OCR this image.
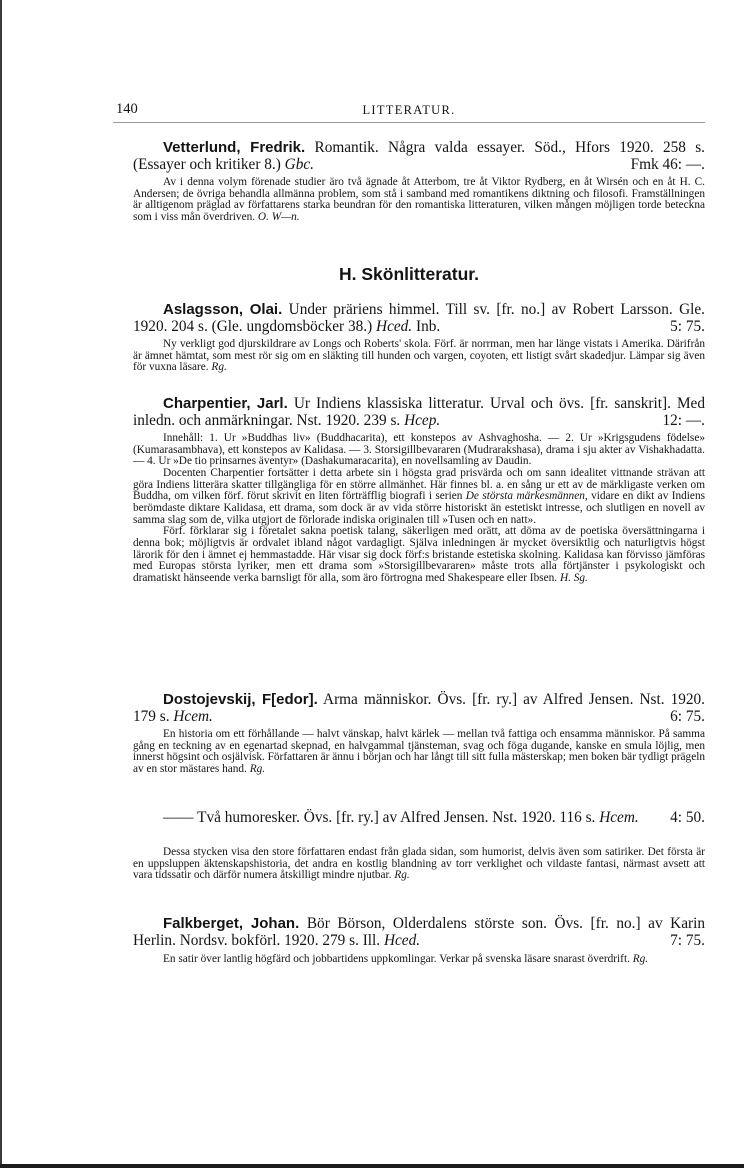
140	LITTERATUR.
Vetterlund, Fredrik. Romantik. Några valda essayer. Söd., Hfors 1920. 258 s. (Essayer och kritiker 8.) Gbc.	Fmk 46: —.

Av i denna volym förenade studier äro två ägnade åt Atterbom, tre åt Viktor Rydberg, en åt Wirsén och en åt H. C. Andersen; de övriga behandla allmänna problem, som stå i samband med romantikens diktning och filosofi. Framställningen är alltigenom präglad av författarens starka beundran för den romantiska litteraturen, vilken mången möjligen torde beteckna som i viss mån överdriven. O. W—n.

H. Skönlitteratur.
Aslagsson, Olai. Under präriens himmel. Till sv. [fr. no.] av Robert Larsson. Gle. 1920. 204 s. (Gle. ungdomsböcker 38.) Hced. Inb.	5: 75.

Ny verkligt god djurskildrare av Longs och Roberts' skola. Förf. är norrman, men har länge vistats i Amerika. Därifrån är ämnet hämtat, som mest rör sig om en släkting till hunden och vargen, coyoten, ett listigt svårt skadedjur. Lämpar sig även för vuxna läsare. Rg.

Charpentier, Jarl. Ur Indiens klassiska litteratur. Urval och övs. [fr. sanskrit]. Med inledn. och anmärkningar. Nst. 1920. 239 s. Hcep.	12: —.

Innehåll: 1. Ur »Buddhas liv» (Buddhacarita), ett konstepos av Ashvaghosha. — 2. Ur »Krigsgudens födelse» (Kumarasambhava), ett konstepos av Kalidasa. — 3. Storsigillbevararen (Mudrarakshasa), drama i sju akter av Vishakhadatta. — 4. Ur »De tio prinsarnes äventyr» (Dashakumaracarita), en novellsamling av Daudin.

Docenten Charpentier fortsätter i detta arbete sin i högsta grad prisvärda och om sann idealitet vittnande strävan att göra Indiens litterära skatter tillgängliga för en större allmänhet. Här finnes bl. a. en sång ur ett av de märkligaste verken om Buddha, om vilken förf. förut skrivit en liten förträfflig biografi i serien De största märkesmännen, vidare en dikt av Indiens berömdaste diktare Kalidasa, ett drama, som dock är av vida större historiskt än estetiskt intresse, och slutligen en novell av samma slag som de, vilka utgjort de förlorade indiska originalen till »Tusen och en natt».

Förf. förklarar sig i företalet sakna poetisk talang, säkerligen med orätt, att döma av de poetiska översättningarna i denna bok; möjligtvis är ordvalet ibland något vardagligt. Själva inledningen är mycket översiktlig och naturligtvis högst lärorik för den i ämnet ej hemmastadde. Här visar sig dock förf:s bristande estetiska skolning. Kalidasa kan förvisso jämföras med Europas största lyriker, men ett drama som »Storsigillbevararen» måste trots alla förtjänster i psykologiskt och dramatiskt hänseende verka barnsligt för alla, som äro förtrogna med Shakespeare eller Ibsen. H. Sg.

Dostojevskij, F[edor]. Arma människor. Övs. [fr. ry.] av Alfred Jensen. Nst. 1920. 179 s. Hcem.	6: 75.

En historia om ett förhållande — halvt vänskap, halvt kärlek — mellan två fattiga och ensamma människor. På samma gång en teckning av en egenartad skepnad, en halvgammal tjänsteman, svag och föga dugande, kanske en smula löjlig, men innerst högsint och osjälvisk. Författaren är ännu i början och har långt till sitt fulla mästerskap; men boken bär tydligt prägeln av en stor mästares hand. Rg.

—— Två humoresker. Övs. [fr. ry.] av Alfred Jensen. Nst. 1920. 116 s. Hcem.	4: 50.

Dessa stycken visa den store författaren endast från glada sidan, som humorist, delvis även som satiriker. Det första är en uppsluppen äktenskapshistoria, det andra en kostlig blandning av torr verklighet och vildaste fantasi, närmast avsett att vara tidssatir och därför numera åtskilligt mindre njutbar. Rg.

Falkberget, Johan. Bör Börson, Olderdalens störste son. Övs. [fr. no.] av Karin Herlin. Nordsv. bokförl. 1920. 279 s. Ill. Hced.	7: 75.

En satir över lantlig högfärd och jobbartidens uppkomlingar. Verkar på svenska läsare snarast överdrift. Rg.
